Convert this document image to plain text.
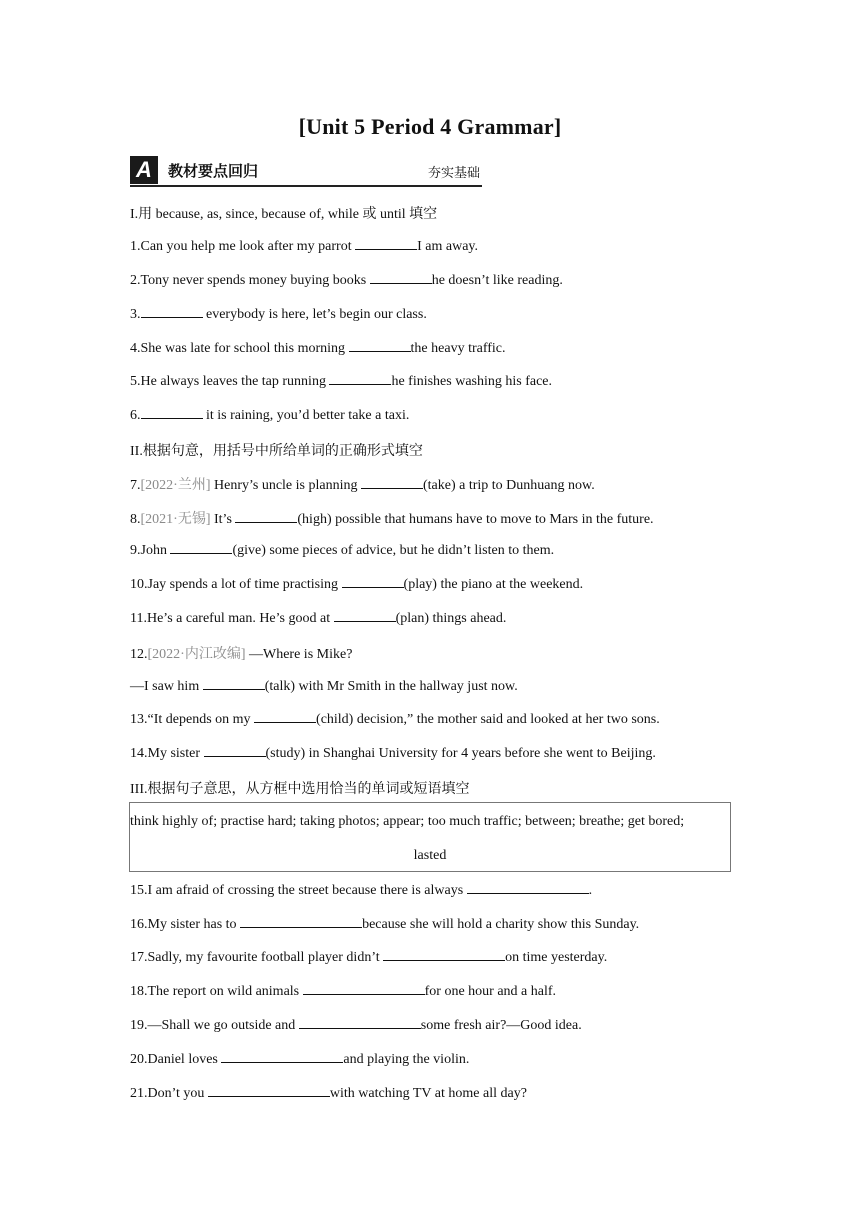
[Unit 5 Period 4 Grammar]
A	教材要点回归	夯实基础
I.用 because, as, since, because of, while 或 until 填空
1.Can you help me look after my parrot	I am away.
2.Tony never spends money buying books	he doesn’t like reading.
3.	everybody is here, let’s begin our class.
4.She was late for school this morning	the heavy traffic.
5.He always leaves the tap running	he finishes washing his face.
6.	it is raining, you’d better take a taxi.
II.根据句意，用括号中所给单词的正确形式填空
7.[2022·兰州] Henry’s uncle is planning	(take) a trip to Dunhuang now.
8.[2021·无锡] It’s	(high) possible that humans have to move to Mars in the future.
9.John	(give) some pieces of advice, but he didn’t listen to them.
10.Jay spends a lot of time practising	(play) the piano at the weekend.
11.He’s a careful man. He’s good at	(plan) things ahead.
12.[2022·内江改编] —Where is Mike?
—I saw him	(talk) with Mr Smith in the hallway just now.
13.“It depends on my	(child) decision,” the mother said and looked at her two sons.
14.My sister	(study) in Shanghai University for 4 years before she went to Beijing.
III.根据句子意思，从方框中选用恰当的单词或短语填空
think highly of; practise hard; taking photos; appear; too much traffic; between; breathe; get bored;
lasted
15.I am afraid of crossing the street because there is always	.
16.My sister has to	because she will hold a charity show this Sunday.
17.Sadly, my favourite football player didn’t	on time yesterday.
18.The report on wild animals	for one hour and a half.
19.—Shall we go outside and	some fresh air?—Good idea.
20.Daniel loves	and playing the violin.
21.Don’t you	with watching TV at home all day?
